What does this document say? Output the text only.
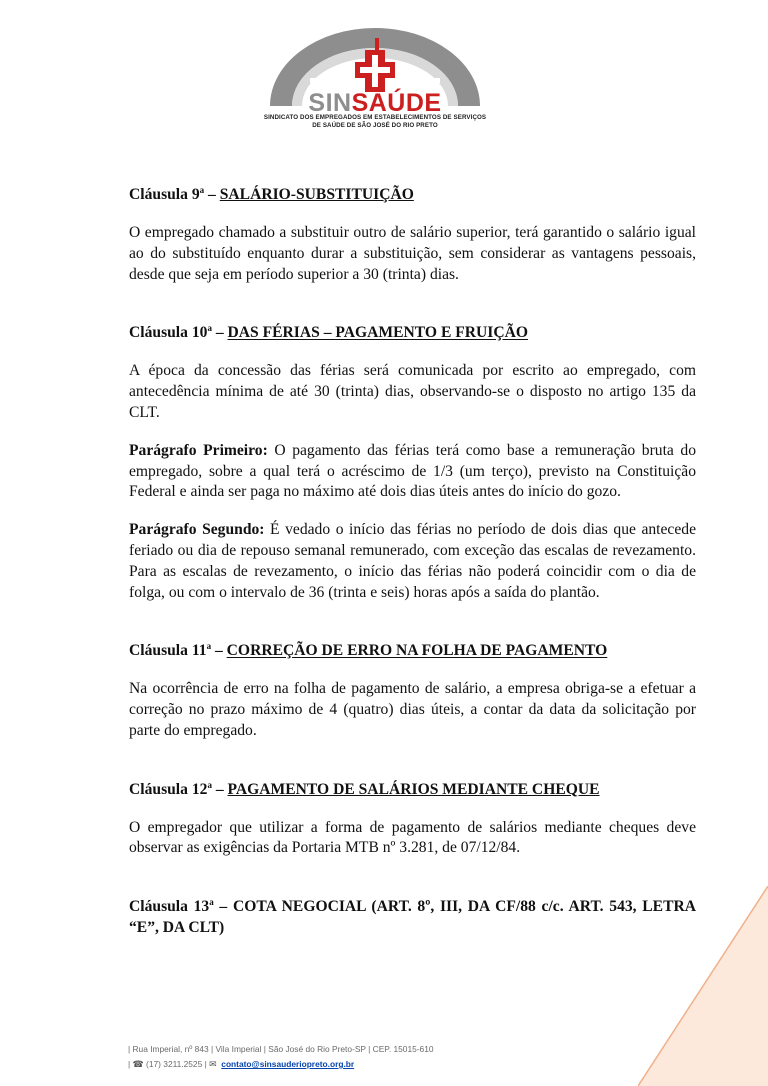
SINSAÚDE
SINDICATO DOS EMPREGADOS EM ESTABELECIMENTOS DE SERVIÇOS
DE SAÚDE DE SÃO JOSÉ DO RIO PRETO

Cláusula 9$^a$ – SALÁRIO-SUBSTITUIÇÃO

O empregado chamado a substituir outro de salário superior, terá garantido o salário igual ao do substituído enquanto durar a substituição, sem considerar as vantagens pessoais, desde que seja em período superior a 30 (trinta) dias.

Cláusula 10$^a$ – DAS FÉRIAS – PAGAMENTO E FRUIÇÃO

A época da concessão das férias será comunicada por escrito ao empregado, com antecedência mínima de até 30 (trinta) dias, observando-se o disposto no artigo 135 da CLT.

Parágrafo Primeiro: O pagamento das férias terá como base a remuneração bruta do empregado, sobre a qual terá o acréscimo de 1/3 (um terço), previsto na Constituição Federal e ainda ser paga no máximo até dois dias úteis antes do início do gozo.

Parágrafo Segundo: É vedado o início das férias no período de dois dias que antecede feriado ou dia de repouso semanal remunerado, com exceção das escalas de revezamento. Para as escalas de revezamento, o início das férias não poderá coincidir com o dia de folga, ou com o intervalo de 36 (trinta e seis) horas após a saída do plantão.

Cláusula 11$^a$ – CORREÇÃO DE ERRO NA FOLHA DE PAGAMENTO

Na ocorrência de erro na folha de pagamento de salário, a empresa obriga-se a efetuar a correção no prazo máximo de 4 (quatro) dias úteis, a contar da data da solicitação por parte do empregado.

Cláusula 12$^a$ – PAGAMENTO DE SALÁRIOS MEDIANTE CHEQUE

O empregador que utilizar a forma de pagamento de salários mediante cheques deve observar as exigências da Portaria MTB nº 3.281, de 07/12/84.

Cláusula 13$^a$ – COTA NEGOCIAL (ART. 8º, III, DA CF/88 c/c. ART. 543, LETRA “E”, DA CLT)

| Rua Imperial, nº 843 | Vila Imperial | São José do Rio Preto-SP | CEP. 15015-610
| ☎ (17) 3211.2525 | ✉ contato@sinsauderiopreto.org.br
